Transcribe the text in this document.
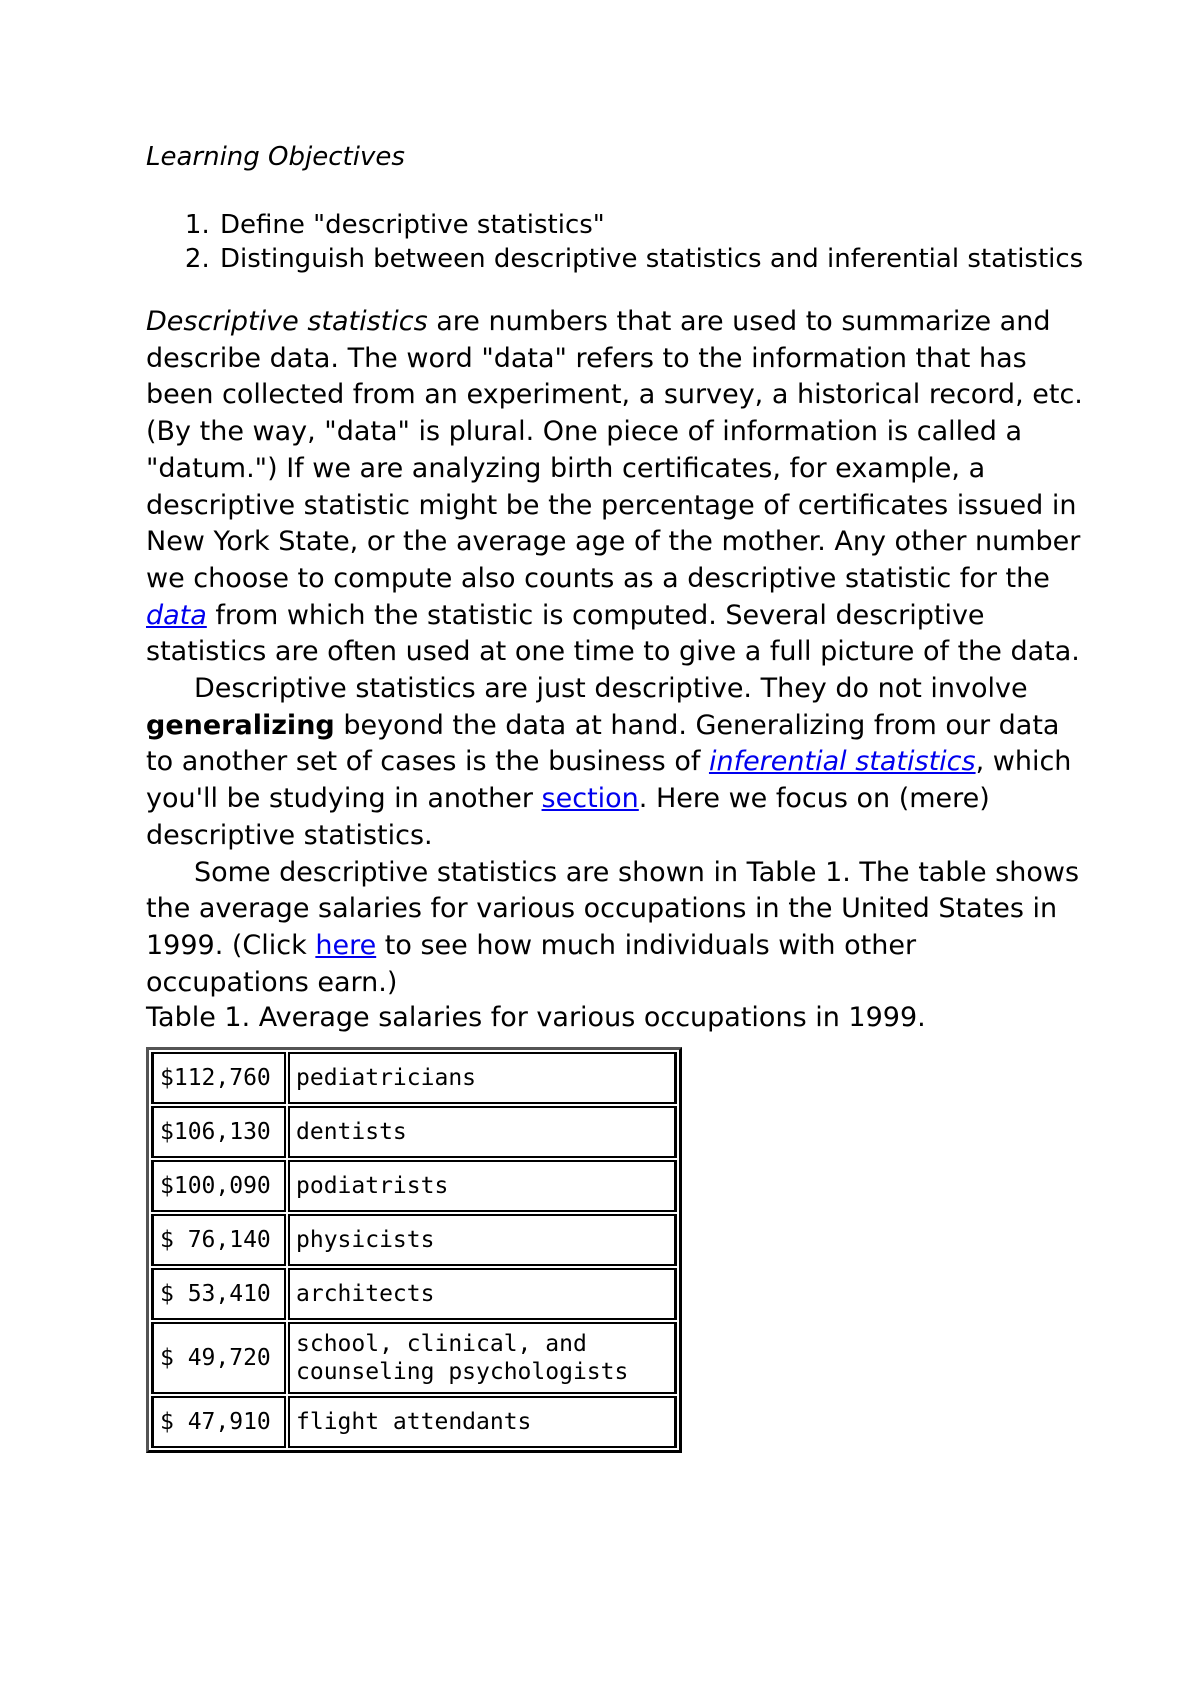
Learning Objectives

1. Define "descriptive statistics"
2. Distinguish between descriptive statistics and inferential statistics

Descriptive statistics are numbers that are used to summarize and describe data. The word "data" refers to the information that has been collected from an experiment, a survey, a historical record, etc. (By the way, "data" is plural. One piece of information is called a "datum.") If we are analyzing birth certificates, for example, a descriptive statistic might be the percentage of certificates issued in New York State, or the average age of the mother. Any other number we choose to compute also counts as a descriptive statistic for the data from which the statistic is computed. Several descriptive statistics are often used at one time to give a full picture of the data.

Descriptive statistics are just descriptive. They do not involve generalizing beyond the data at hand. Generalizing from our data to another set of cases is the business of inferential statistics, which you'll be studying in another section. Here we focus on (mere) descriptive statistics.

Some descriptive statistics are shown in Table 1. The table shows the average salaries for various occupations in the United States in 1999. (Click here to see how much individuals with other occupations earn.)

Table 1. Average salaries for various occupations in 1999.

$112,760	pediatricians
$106,130	dentists
$100,090	podiatrists
$ 76,140	physicists
$ 53,410	architects
$ 49,720	school, clinical, and counseling psychologists
$ 47,910	flight attendants
